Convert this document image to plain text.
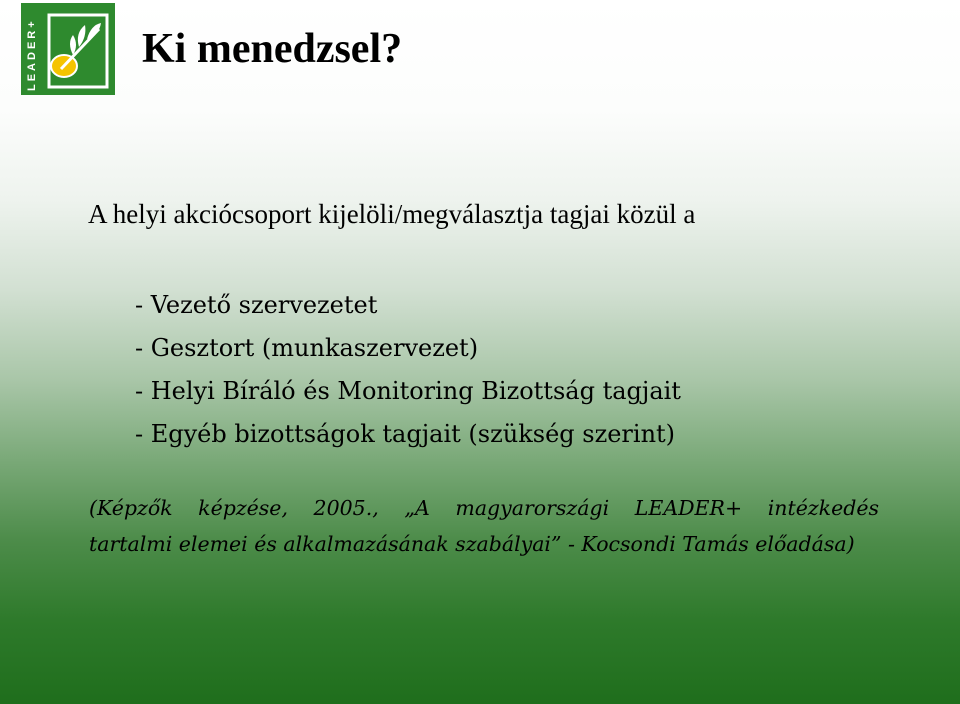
LEADER+ Ki menedzsel?

A helyi akciócsoport kijelöli/megválasztja tagjai közül a

- Vezető szervezetet
- Gesztort (munkaszervezet)
- Helyi Bíráló és Monitoring Bizottság tagjait
- Egyéb bizottságok tagjait (szükség szerint)

(Képzők képzése, 2005., „A magyarországi LEADER+ intézkedés
tartalmi elemei és alkalmazásának szabályai” - Kocsondi Tamás előadása)
